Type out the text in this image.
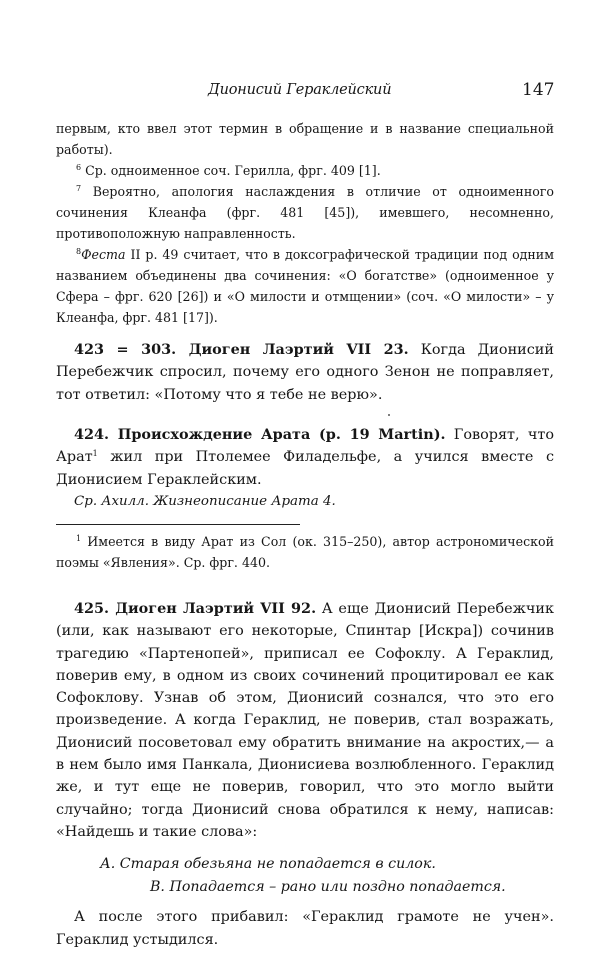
Дионисий Гераклейский	147

первым, кто ввел этот термин в обращение и в название специальной работы).

$^6$ Ср. одноименное соч. Герилла, фрг. 409 [1].

$^7$ Вероятно, апология наслаждения в отличие от одноименного сочинения Клеанфа (фрг. 481 [45]), имевшего, несомненно, противоположную направленность.

$^8$Феста II p. 49 считает, что в доксографической традиции под одним названием объединены два сочинения: «О богатстве» (одноименное у Сфера – фрг. 620 [26]) и «О милости и отмщении» (соч. «О милости» – у Клеанфа, фрг. 481 [17]).

423 = 303. Диоген Лаэртий VII 23. Когда Дионисий Перебежчик спросил, почему его одного Зенон не поправляет, тот ответил: «Потому что я тебе не верю».

424. Происхождение Арата (p. 19 Martin). Говорят, что Арат$^1$ жил при Птолемее Филадельфе, а учился вместе с Дионисием Гераклейским.

Ср. Ахилл. Жизнеописание Арата 4.

$^1$ Имеется в виду Арат из Сол (ок. 315–250), автор астрономической поэмы «Явления». Ср. фрг. 440.

425. Диоген Лаэртий VII 92. А еще Дионисий Перебежчик (или, как называют его некоторые, Спинтар [Искра]) сочинив трагедию «Партенопей», приписал ее Софоклу. А Гераклид, поверив ему, в одном из своих сочинений процитировал ее как Софоклову. Узнав об этом, Дионисий сознался, что это его произведение. А когда Гераклид, не поверив, стал возражать, Дионисий посоветовал ему обратить внимание на акростих,— а в нем было имя Панкала, Дионисиева возлюбленного. Гераклид же, и тут еще не поверив, говорил, что это могло выйти случайно; тогда Дионисий снова обратился к нему, написав: «Найдешь и такие слова»:

А. Старая обезьяна не попадается в силок.
В. Попадается – рано или поздно попадается.

А после этого прибавил: «Гераклид грамоте не учен». Гераклид устыдился.
